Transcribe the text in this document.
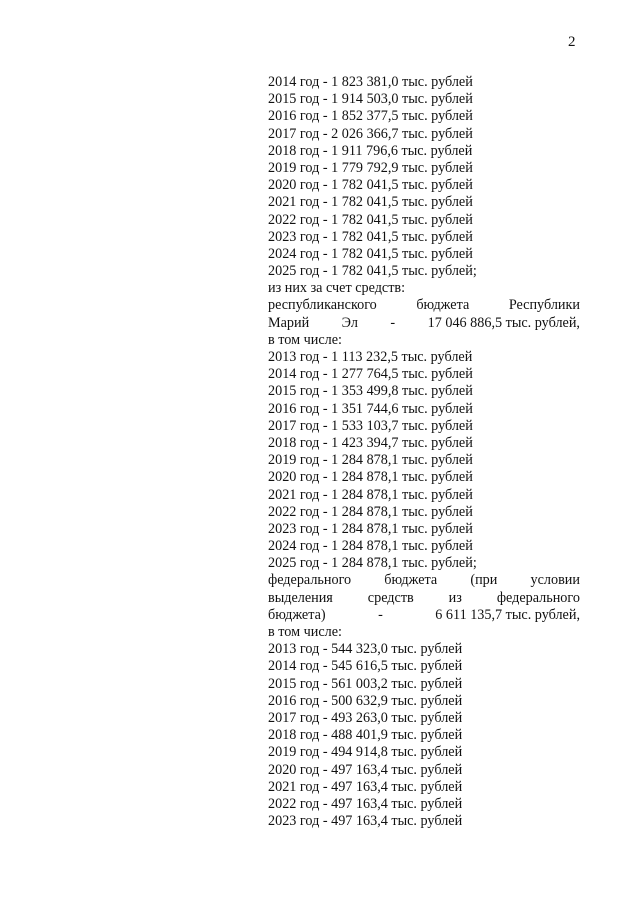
2
2014 год - 1 823 381,0 тыс. рублей
2015 год - 1 914 503,0 тыс. рублей
2016 год - 1 852 377,5 тыс. рублей
2017 год - 2 026 366,7 тыс. рублей
2018 год - 1 911 796,6 тыс. рублей
2019 год - 1 779 792,9 тыс. рублей
2020 год - 1 782 041,5 тыс. рублей
2021 год - 1 782 041,5 тыс. рублей
2022 год - 1 782 041,5 тыс. рублей
2023 год - 1 782 041,5 тыс. рублей
2024 год - 1 782 041,5 тыс. рублей
2025 год - 1 782 041,5 тыс. рублей;
из них за счет средств:
республиканского	бюджета	Республики
Марий Эл - 17 046 886,5 тыс. рублей,
в том числе:
2013 год - 1 113 232,5 тыс. рублей
2014 год - 1 277 764,5 тыс. рублей
2015 год - 1 353 499,8 тыс. рублей
2016 год - 1 351 744,6 тыс. рублей
2017 год - 1 533 103,7 тыс. рублей
2018 год - 1 423 394,7 тыс. рублей
2019 год - 1 284 878,1 тыс. рублей
2020 год - 1 284 878,1 тыс. рублей
2021 год - 1 284 878,1 тыс. рублей
2022 год - 1 284 878,1 тыс. рублей
2023 год - 1 284 878,1 тыс. рублей
2024 год - 1 284 878,1 тыс. рублей
2025 год - 1 284 878,1 тыс. рублей;
федерального бюджета (при условии
выделения средств из федерального
бюджета)	-	6 611 135,7 тыс. рублей,
в том числе:
2013 год - 544 323,0 тыс. рублей
2014 год - 545 616,5 тыс. рублей
2015 год - 561 003,2 тыс. рублей
2016 год - 500 632,9 тыс. рублей
2017 год - 493 263,0 тыс. рублей
2018 год - 488 401,9 тыс. рублей
2019 год - 494 914,8 тыс. рублей
2020 год - 497 163,4 тыс. рублей
2021 год - 497 163,4 тыс. рублей
2022 год - 497 163,4 тыс. рублей
2023 год - 497 163,4 тыс. рублей
